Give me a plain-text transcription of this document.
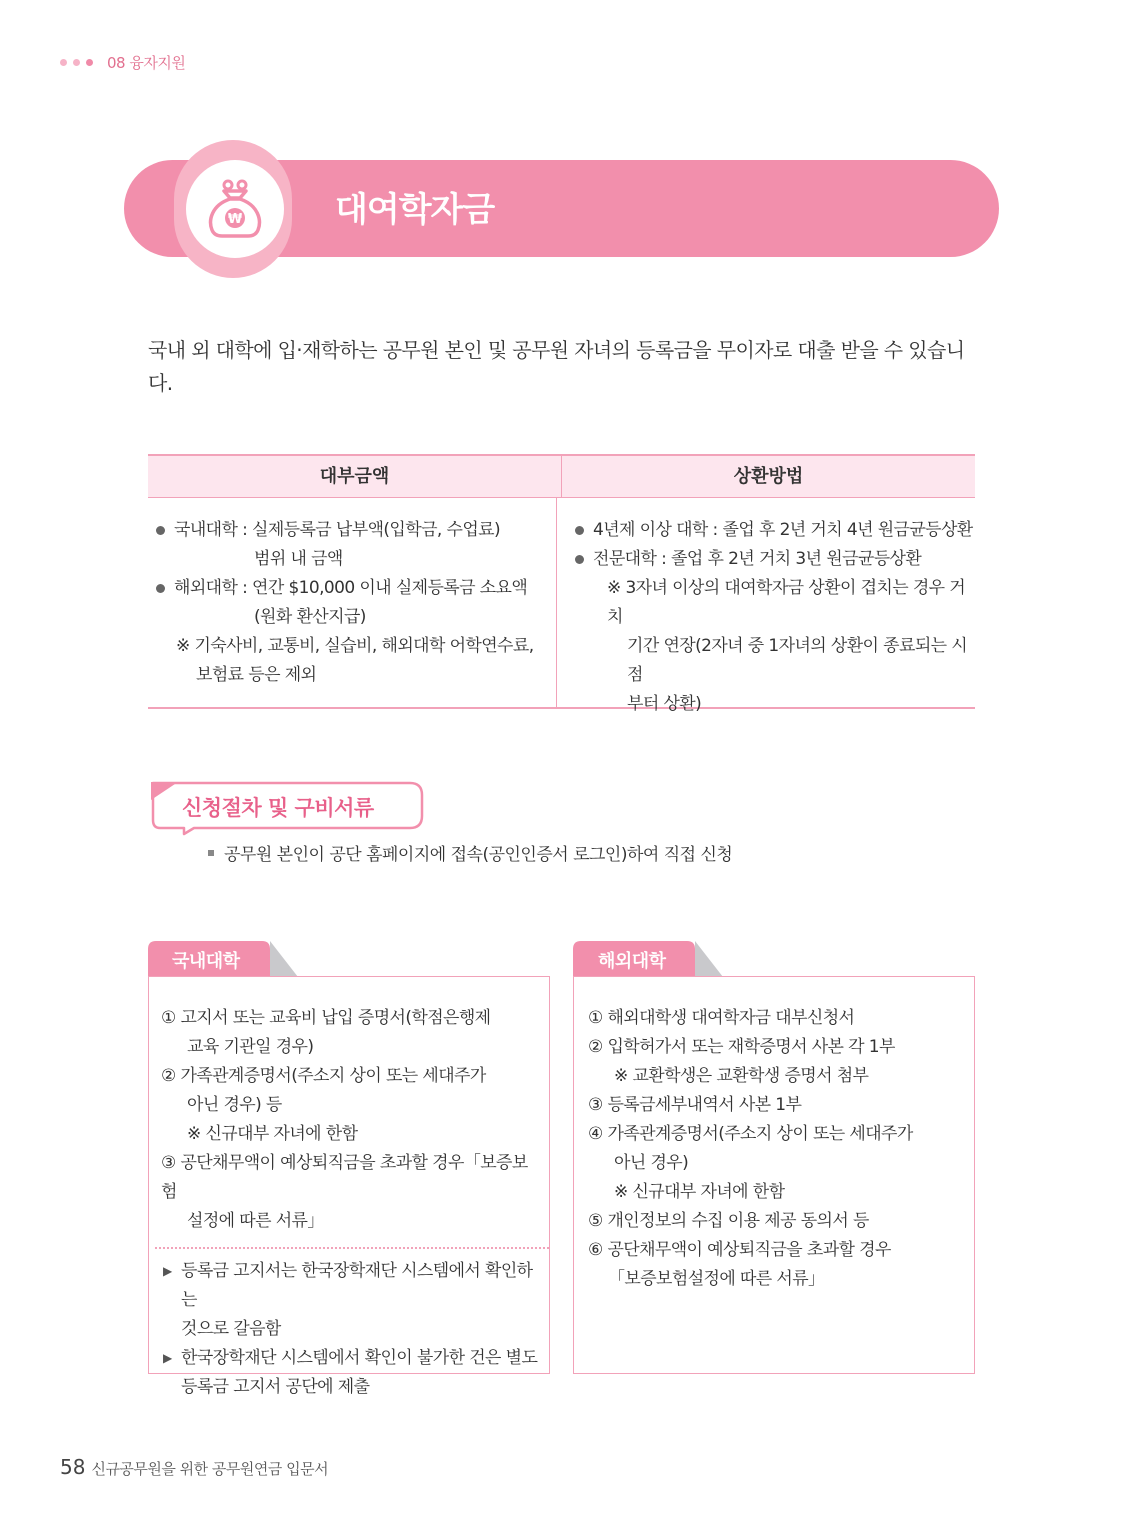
08 융자지원
₩	대여학자금

국내 외 대학에 입·재학하는 공무원 본인 및 공무원 자녀의 등록금을 무이자로 대출 받을 수 있습니다.

대부금액	상환방법
국내대학 : 실제등록금 납부액(입학금, 수업료)
범위 내 금액
해외대학 : 연간 $10,000 이내 실제등록금 소요액
(원화 환산지급)
※ 기숙사비, 교통비, 실습비, 해외대학 어학연수료,
보험료 등은 제외
4년제 이상 대학 : 졸업 후 2년 거치 4년 원금균등상환
전문대학 : 졸업 후 2년 거치 3년 원금균등상환
※ 3자녀 이상의 대여학자금 상환이 겹치는 경우 거치
기간 연장(2자녀 중 1자녀의 상환이 종료되는 시점
부터 상환)
신청절차 및 구비서류
공무원 본인이 공단 홈페이지에 접속(공인인증서 로그인)하여 직접 신청
국내대학
① 고지서 또는 교육비 납입 증명서(학점은행제
교육 기관일 경우)
② 가족관계증명서(주소지 상이 또는 세대주가
아닌 경우) 등
※ 신규대부 자녀에 한함
③ 공단채무액이 예상퇴직금을 초과할 경우「보증보험
설정에 따른 서류」
▶ 등록금 고지서는 한국장학재단 시스템에서 확인하는
것으로 갈음함
▶ 한국장학재단 시스템에서 확인이 불가한 건은 별도
등록금 고지서 공단에 제출
해외대학
① 해외대학생 대여학자금 대부신청서
② 입학허가서 또는 재학증명서 사본 각 1부
※ 교환학생은 교환학생 증명서 첨부
③ 등록금세부내역서 사본 1부
④ 가족관계증명서(주소지 상이 또는 세대주가
아닌 경우)
※ 신규대부 자녀에 한함
⑤ 개인정보의 수집 이용 제공 동의서 등
⑥ 공단채무액이 예상퇴직금을 초과할 경우
「보증보험설정에 따른 서류」
58 신규공무원을 위한 공무원연금 입문서
